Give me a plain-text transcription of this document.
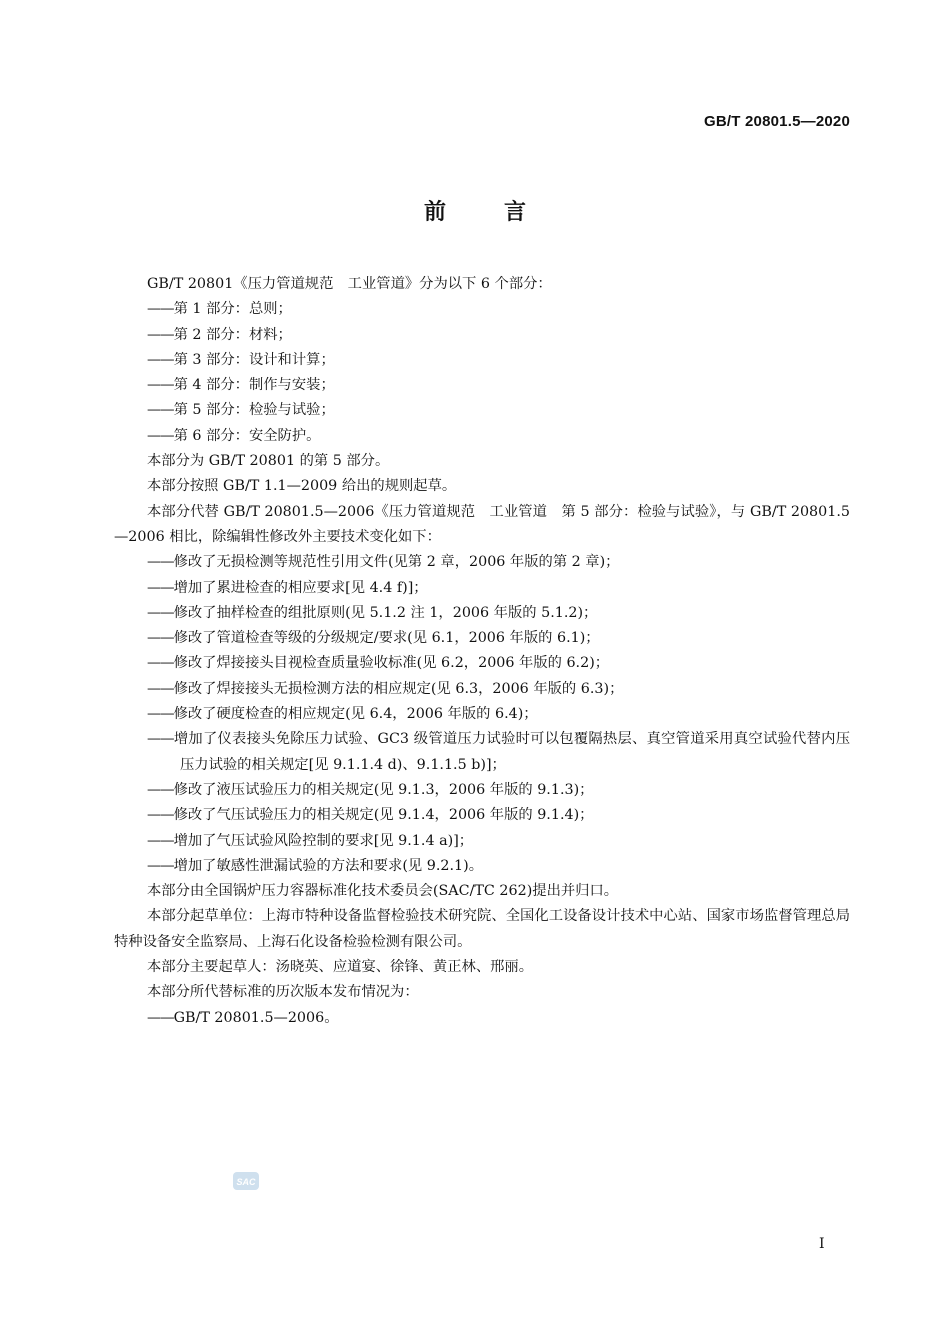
GB/T 20801.5—2020
前言
GB/T 20801《压力管道规范　工业管道》分为以下 6 个部分：
——第 1 部分：总则；
——第 2 部分：材料；
——第 3 部分：设计和计算；
——第 4 部分：制作与安装；
——第 5 部分：检验与试验；
——第 6 部分：安全防护。
本部分为 GB/T 20801 的第 5 部分。
本部分按照 GB/T 1.1—2009 给出的规则起草。
本部分代替 GB/T 20801.5—2006《压力管道规范　工业管道　第 5 部分：检验与试验》，与 GB/T 20801.5—2006 相比，除编辑性修改外主要技术变化如下：
——修改了无损检测等规范性引用文件(见第 2 章，2006 年版的第 2 章)；
——增加了累进检查的相应要求[见 4.4 f)]；
——修改了抽样检查的组批原则(见 5.1.2 注 1，2006 年版的 5.1.2)；
——修改了管道检查等级的分级规定/要求(见 6.1，2006 年版的 6.1)；
——修改了焊接接头目视检查质量验收标准(见 6.2，2006 年版的 6.2)；
——修改了焊接接头无损检测方法的相应规定(见 6.3，2006 年版的 6.3)；
——修改了硬度检查的相应规定(见 6.4，2006 年版的 6.4)；
——增加了仪表接头免除压力试验、GC3 级管道压力试验时可以包覆隔热层、真空管道采用真空试验代替内压压力试验的相关规定[见 9.1.1.4 d)、9.1.1.5 b)]；
——修改了液压试验压力的相关规定(见 9.1.3，2006 年版的 9.1.3)；
——修改了气压试验压力的相关规定(见 9.1.4，2006 年版的 9.1.4)；
——增加了气压试验风险控制的要求[见 9.1.4 a)]；
——增加了敏感性泄漏试验的方法和要求(见 9.2.1)。
本部分由全国锅炉压力容器标准化技术委员会(SAC/TC 262)提出并归口。
本部分起草单位：上海市特种设备监督检验技术研究院、全国化工设备设计技术中心站、国家市场监督管理总局特种设备安全监察局、上海石化设备检验检测有限公司。
本部分主要起草人：汤晓英、应道宴、徐锋、黄正林、邢丽。
本部分所代替标准的历次版本发布情况为：
——GB/T 20801.5—2006。
SAC
I
